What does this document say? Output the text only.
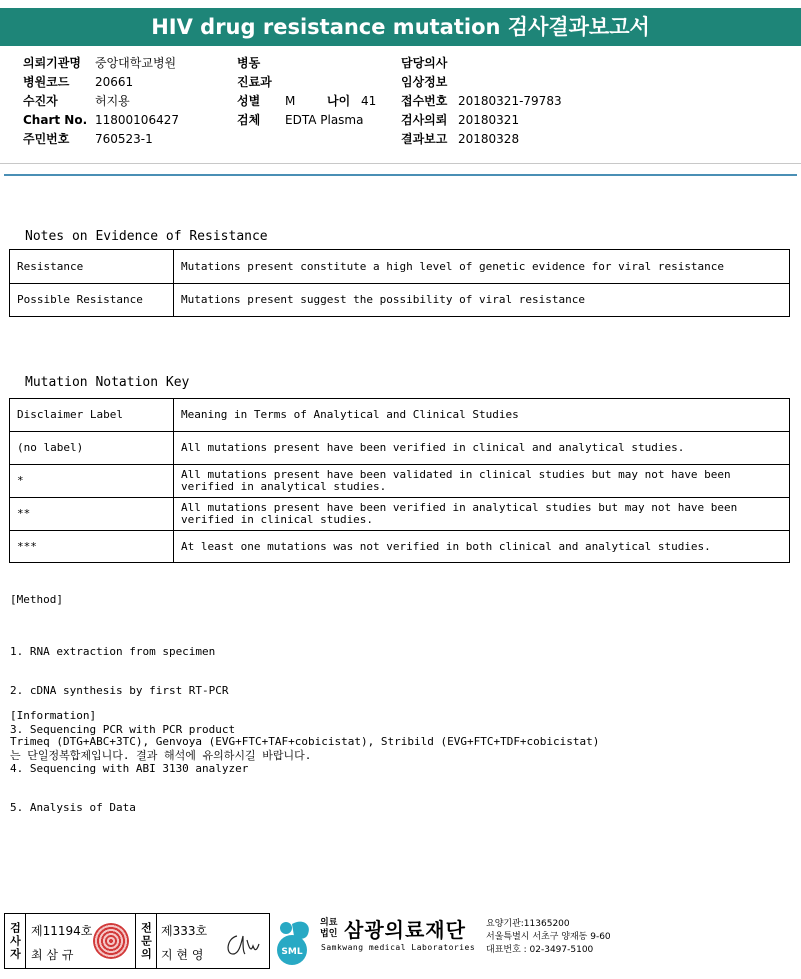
HIV drug resistance mutation 검사결과보고서
의뢰기관명 중앙대학교병원
병원코드 20661
수진자	허지용
Chart No. 11800106427
주민번호 760523-1
병동
진료과
성별 M	나이 41
검체 EDTA Plasma
담당의사
임상정보
접수번호 20180321-79783
검사의뢰 20180321
결과보고 20180328
Notes on Evidence of Resistance
Resistance	Mutations present constitute a high level of genetic evidence for viral resistance
Possible Resistance	Mutations present suggest the possibility of viral resistance
Mutation Notation Key
Disclaimer Label	Meaning in Terms of Analytical and Clinical Studies
(no label)	All mutations present have been verified in clinical and analytical studies.
*	All mutations present have been validated in clinical studies but may not have been verified in analytical studies.
**	All mutations present have been verified in analytical studies but may not have been verified in clinical studies.
***	At least one mutations was not verified in both clinical and analytical studies.
[Method]

1. RNA extraction from specimen

2. cDNA synthesis by first RT-PCR

3. Sequencing PCR with PCR product

4. Sequencing with ABI 3130 analyzer

5. Analysis of Data

[Information]
Trimeq (DTG+ABC+3TC), Genvoya (EVG+FTC+TAF+cobicistat), Stribild (EVG+FTC+TDF+cobicistat)
는 단일정복합제입니다. 결과 해석에 유의하시길 바랍니다.
검사자 제11194호
최 삼 규	전문의 제333호
지 현 영	SML
의료
법인 삼광의료재단
Samkwang medical Laboratories
요양기관:11365200
서울특별시 서초구 양재동 9-60
대표번호 : 02-3497-5100
